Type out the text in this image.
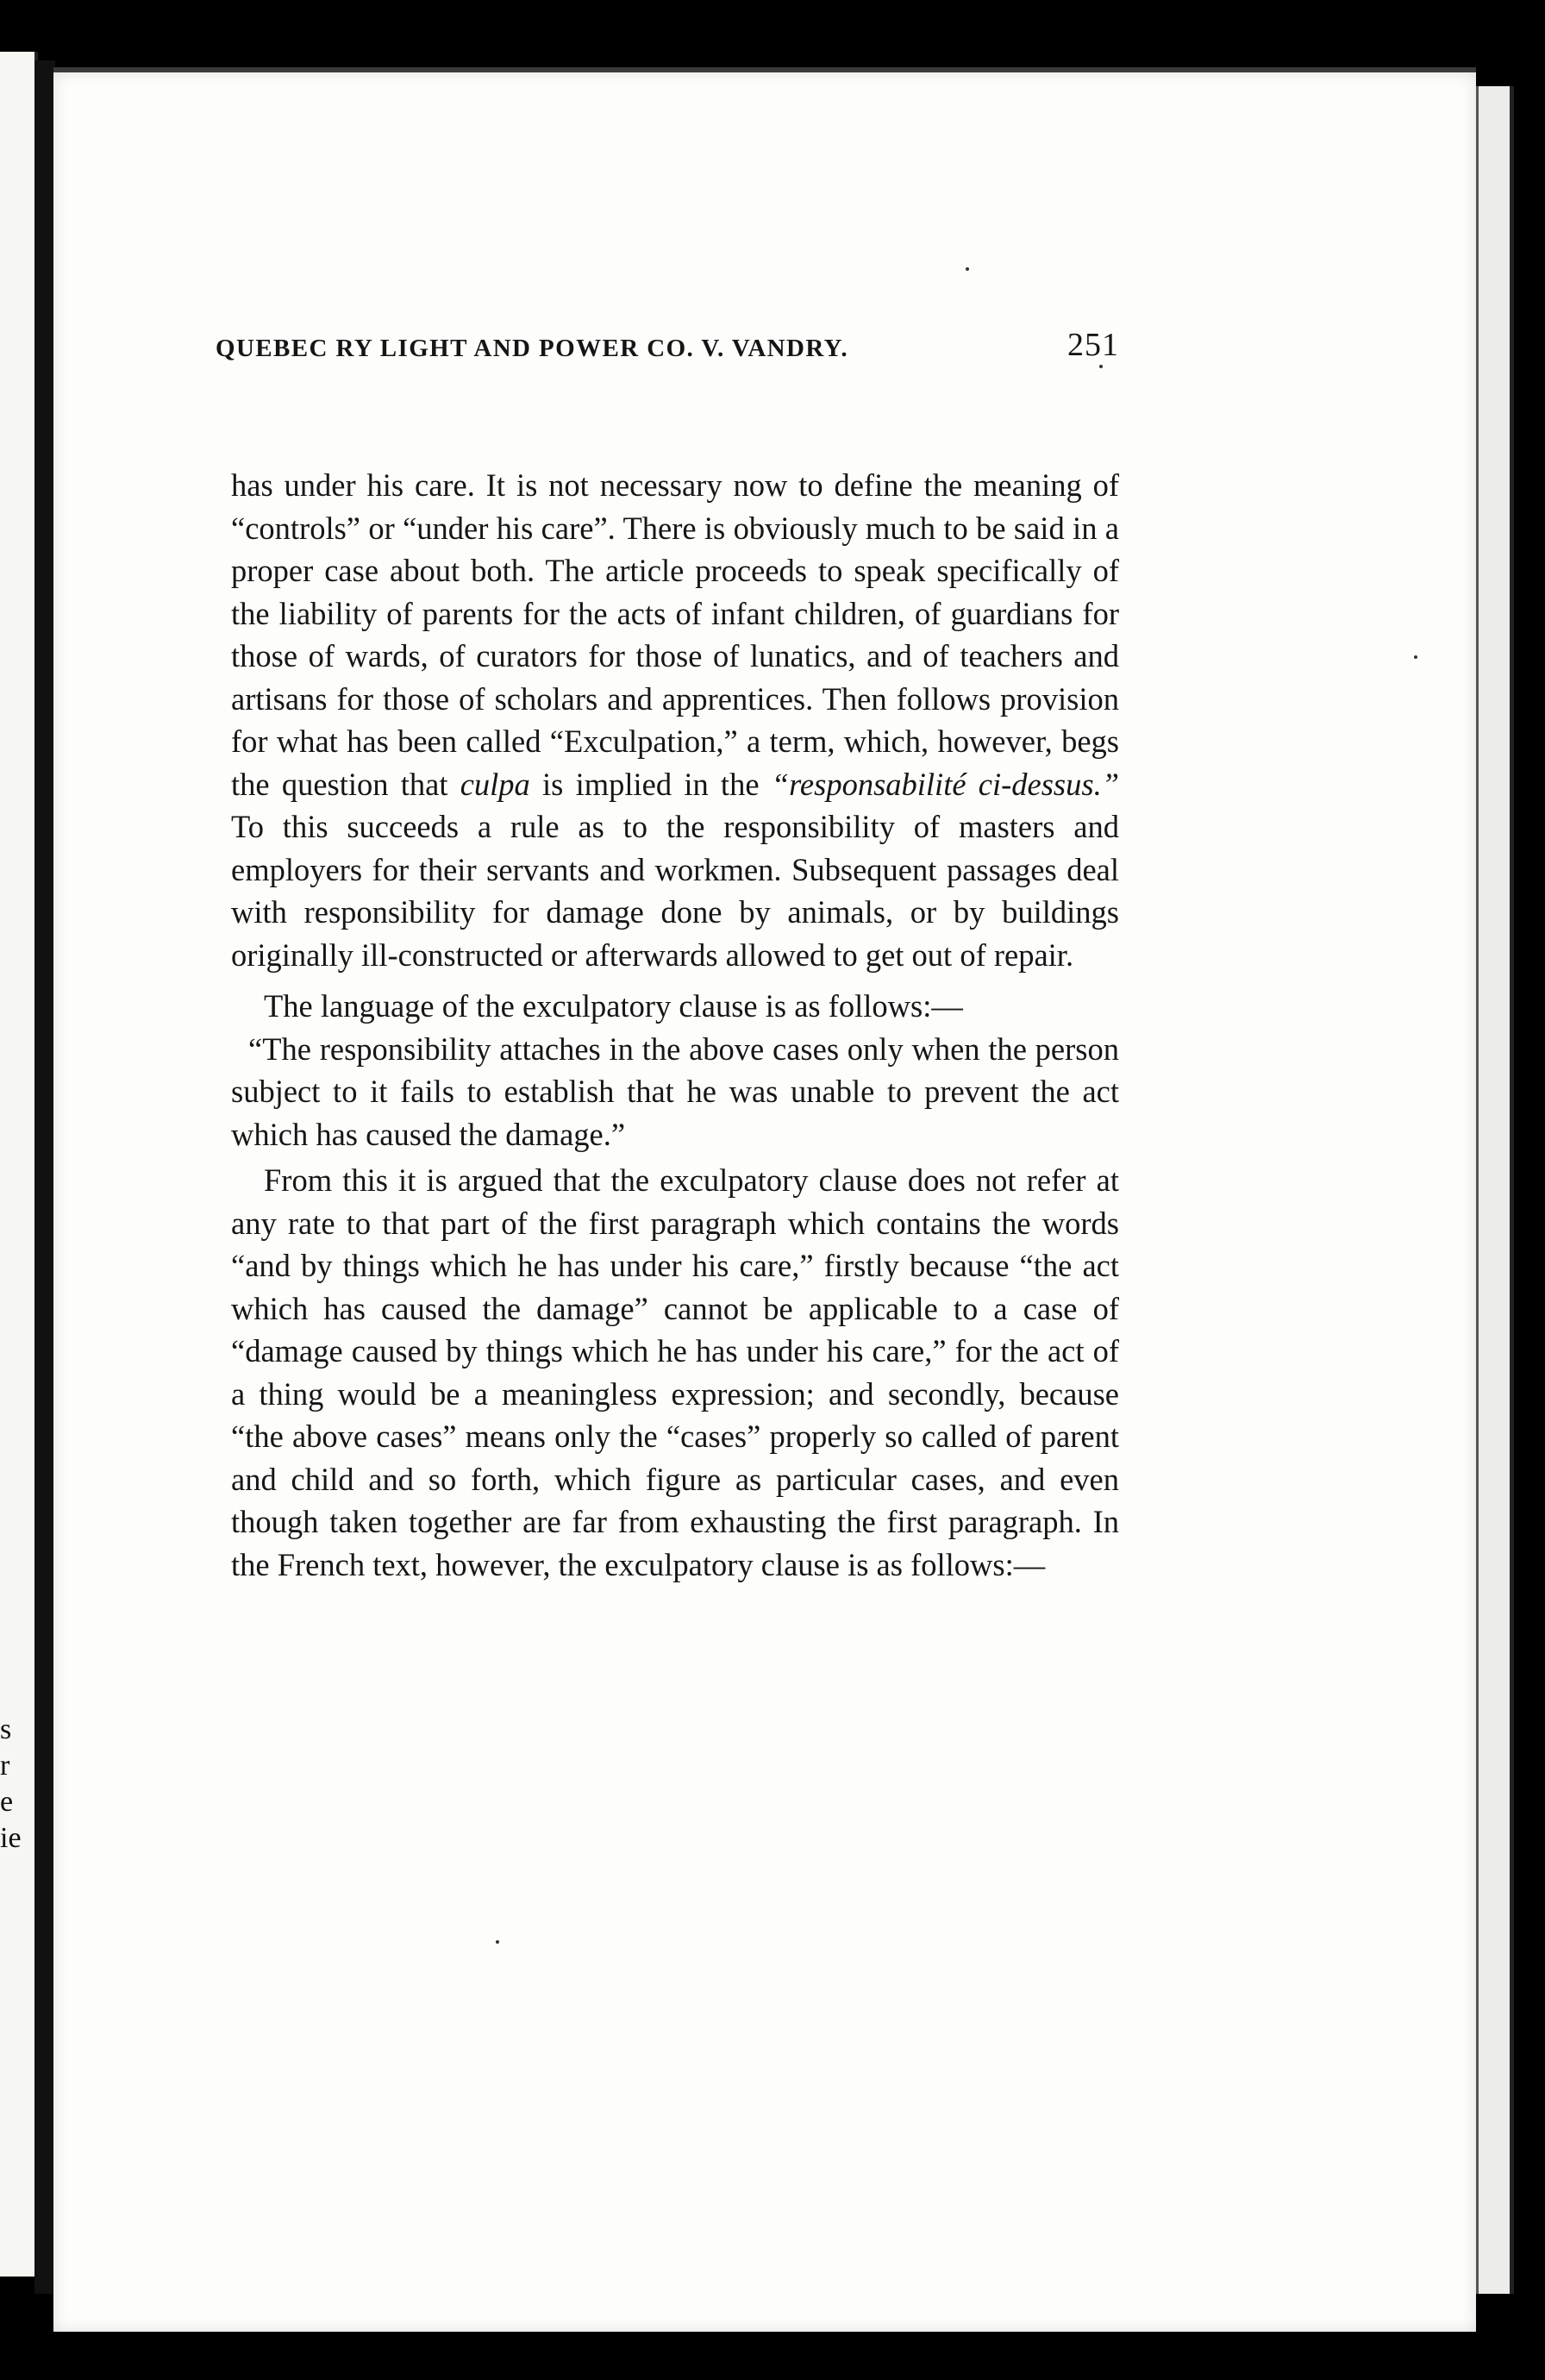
s
r
e
ie
QUEBEC RY LIGHT AND POWER CO. V. VANDRY.	251

has under his care. It is not necessary now to define the meaning of “controls” or “under his care”. There is obviously much to be said in a proper case about both. The article proceeds to speak specifically of the liability of parents for the acts of infant children, of guardians for those of wards, of curators for those of lunatics, and of teachers and artisans for those of scholars and apprentices. Then follows provision for what has been called “Exculpation,” a term, which, however, begs the question that culpa is implied in the “responsabilité ci-dessus.” To this succeeds a rule as to the responsibility of masters and employers for their servants and workmen. Subsequent passages deal with responsibility for damage done by animals, or by buildings originally ill-constructed or afterwards allowed to get out of repair.

The language of the exculpatory clause is as follows:—

“The responsibility attaches in the above cases only when the person subject to it fails to establish that he was unable to prevent the act which has caused the damage.”

From this it is argued that the exculpatory clause does not refer at any rate to that part of the first paragraph which contains the words “and by things which he has under his care,” firstly because “the act which has caused the damage” cannot be applicable to a case of “damage caused by things which he has under his care,” for the act of a thing would be a meaningless expression; and secondly, because “the above cases” means only the “cases” properly so called of parent and child and so forth, which figure as particular cases, and even though taken together are far from exhausting the first paragraph. In the French text, however, the exculpatory clause is as follows:—
